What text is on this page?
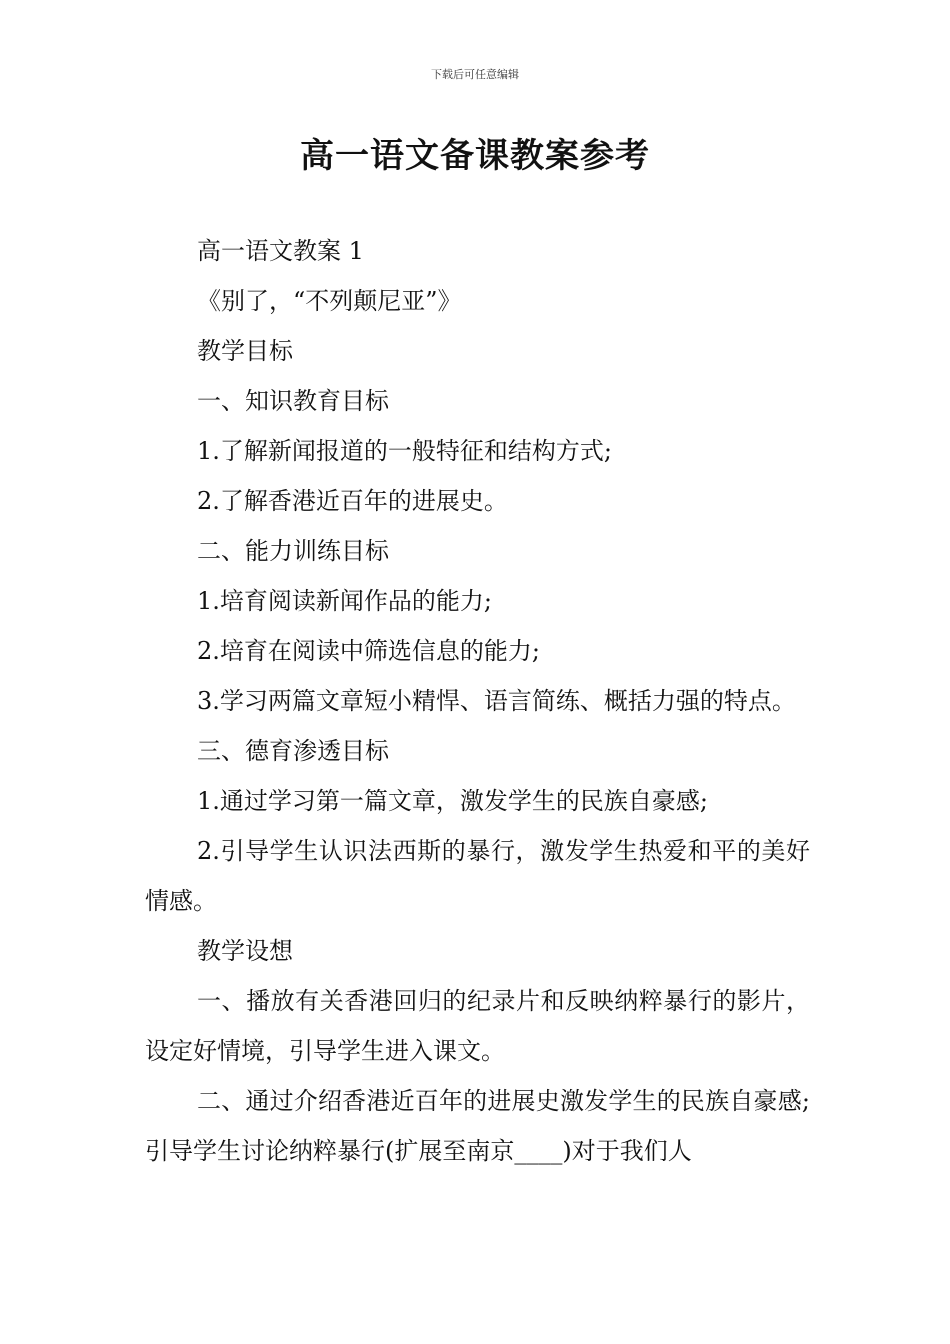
下载后可任意编辑
高一语文备课教案参考

高一语文教案 1

《别了，“不列颠尼亚”》

教学目标

一、知识教育目标

1.了解新闻报道的一般特征和结构方式;

2.了解香港近百年的进展史。

二、能力训练目标

1.培育阅读新闻作品的能力;

2.培育在阅读中筛选信息的能力;

3.学习两篇文章短小精悍、语言简练、概括力强的特点。

三、德育渗透目标

1.通过学习第一篇文章，激发学生的民族自豪感;

2.引导学生认识法西斯的暴行，激发学生热爱和平的美好情感。

教学设想

一、播放有关香港回归的纪录片和反映纳粹暴行的影片，设定好情境，引导学生进入课文。

二、通过介绍香港近百年的进展史激发学生的民族自豪感;引导学生讨论纳粹暴行(扩展至南京____)对于我们人
